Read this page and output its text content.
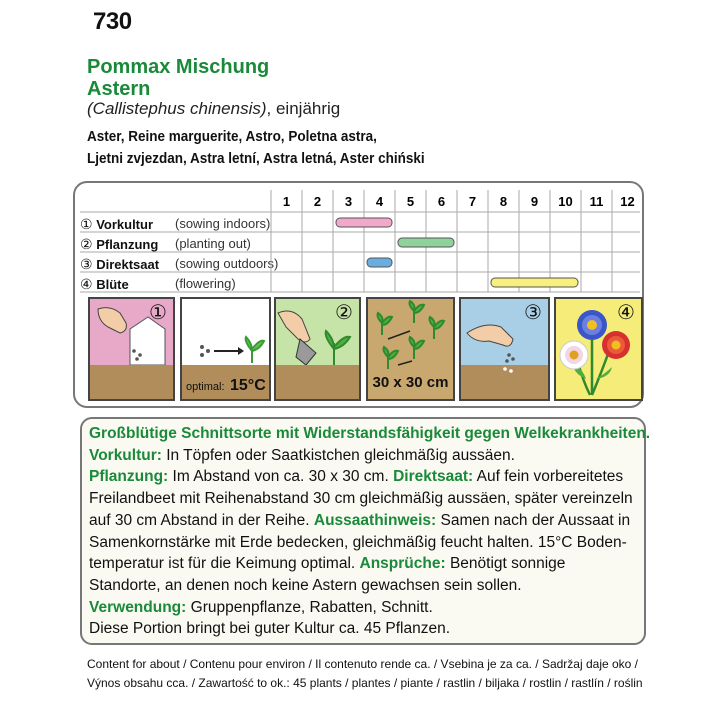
730
Pommax Mischung
Astern
(Callistephus chinensis), einjährig
Aster, Reine marguerite, Astro, Poletna astra,
Ljetni zvjezdan, Astra letní, Astra letná, Aster chiński
① Vorkultur (sowing indoors)
② Pflanzung (planting out)
③ Direktsaat (sowing outdoors)
④ Blüte	(flowering)
1 2 3 4 5 6 7 8 9 10 11 12
①
optimal: 15°C
②
30 x 30 cm
③	④
Großblütige Schnittsorte mit Widerstandsfähigkeit gegen Welkekrankheiten.
Vorkultur: In Töpfen oder Saatkistchen gleichmäßig aussäen.
Pflanzung: Im Abstand von ca. 30 x 30 cm. Direktsaat: Auf fein vorbereitetes
Freilandbeet mit Reihenabstand 30 cm gleichmäßig aussäen, später vereinzeln
auf 30 cm Abstand in der Reihe. Aussaathinweis: Samen nach der Aussaat in
Samenkornstärke mit Erde bedecken, gleichmäßig feucht halten. 15°C Boden-
temperatur ist für die Keimung optimal. Ansprüche: Benötigt sonnige
Standorte, an denen noch keine Astern gewachsen sein sollen.
Verwendung: Gruppenpflanze, Rabatten, Schnitt.
Diese Portion bringt bei guter Kultur ca. 45 Pflanzen.
Content for about / Contenu pour environ / Il contenuto rende ca. / Vsebina je za ca. / Sadržaj daje oko /
Výnos obsahu cca. / Zawartość to ok.: 45 plants / plantes / piante / rastlin / biljaka / rostlin / rastlín / roślin
